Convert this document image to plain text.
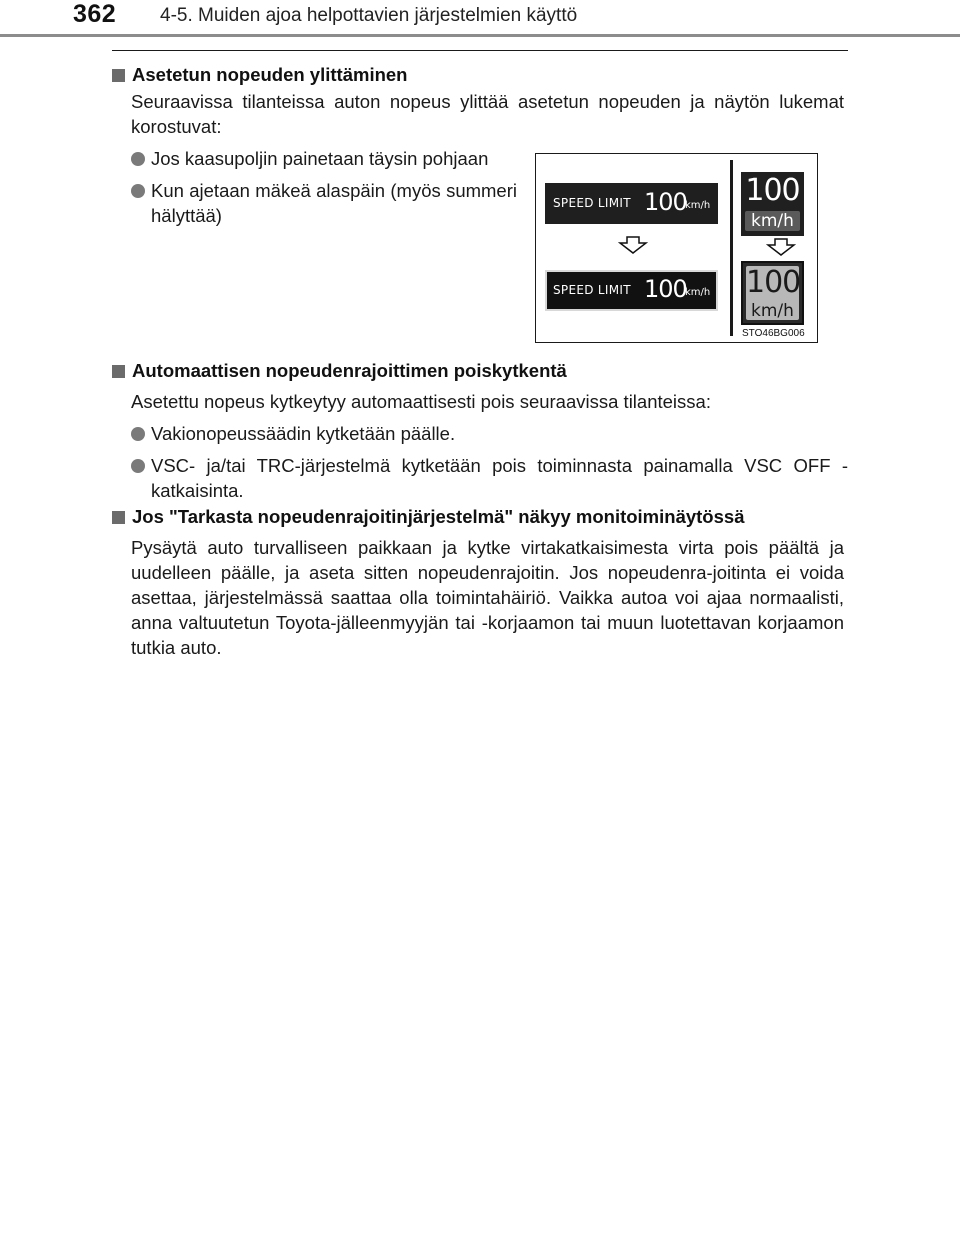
362 4-5. Muiden ajoa helpottavien järjestelmien käyttö
Asetetun nopeuden ylittäminen
Seuraavissa tilanteissa auton nopeus ylittää asetetun nopeuden ja näytön lukemat korostuvat:
Jos kaasupoljin painetaan täysin pohjaan
Kun ajetaan mäkeä alaspäin (myös summeri hälyttää)
SPEED LIMIT 100
km/h
SPEED LIMIT 100
km/h
100
km/h
100
km/h
STO46BG006
Automaattisen nopeudenrajoittimen poiskytkentä
Asetettu nopeus kytkeytyy automaattisesti pois seuraavissa tilanteissa:
Vakionopeussäädin kytketään päälle.
VSC- ja/tai TRC-järjestelmä kytketään pois toiminnasta painamalla VSC OFF -katkaisinta.
Jos "Tarkasta nopeudenrajoitinjärjestelmä" näkyy monitoiminäytössä
Pysäytä auto turvalliseen paikkaan ja kytke virtakatkaisimesta virta pois päältä ja uudelleen päälle, ja aseta sitten nopeudenrajoitin. Jos nopeudenra-joitinta ei voida asettaa, järjestelmässä saattaa olla toimintahäiriö. Vaikka autoa voi ajaa normaalisti, anna valtuutetun Toyota-jälleenmyyjän tai -korjaamon tai muun luotettavan korjaamon tutkia auto.
